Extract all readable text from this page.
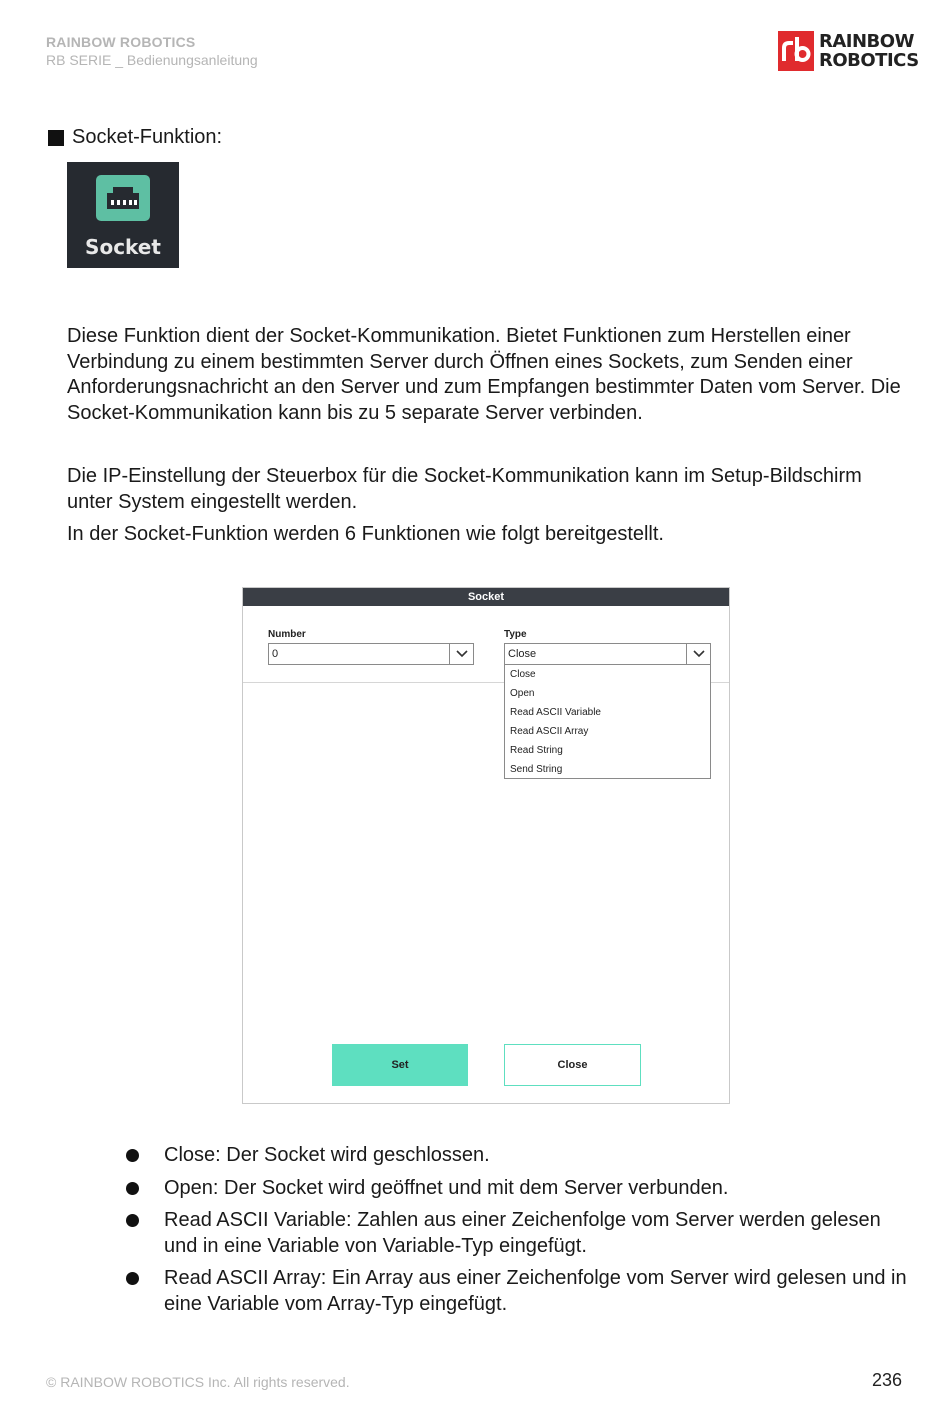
RAINBOW ROBOTICS
RB SERIE _ Bedienungsanleitung
RAINBOW
ROBOTICS
Socket-Funktion:
Socket

Diese Funktion dient der Socket-Kommunikation. Bietet Funktionen zum Herstellen einer Verbindung zu einem bestimmten Server durch Öffnen eines Sockets, zum Senden einer Anforderungsnachricht an den Server und zum Empfangen bestimmter Daten vom Server. Die Socket-Kommunikation kann bis zu 5 separate Server verbinden.

Die IP-Einstellung der Steuerbox für die Socket-Kommunikation kann im Setup-Bildschirm unter System eingestellt werden.

In der Socket-Funktion werden 6 Funktionen wie folgt bereitgestellt.

Socket
Number
0
Type
Close
Close
Open
Read ASCII Variable
Read ASCII Array
Read String
Send String
Set	Close
Close: Der Socket wird geschlossen.
Open: Der Socket wird geöffnet und mit dem Server verbunden.
Read ASCII Variable: Zahlen aus einer Zeichenfolge vom Server werden gelesen und in eine Variable von Variable-Typ eingefügt.
Read ASCII Array: Ein Array aus einer Zeichenfolge vom Server wird gelesen und in eine Variable vom Array-Typ eingefügt.
© RAINBOW ROBOTICS Inc. All rights reserved.	236
